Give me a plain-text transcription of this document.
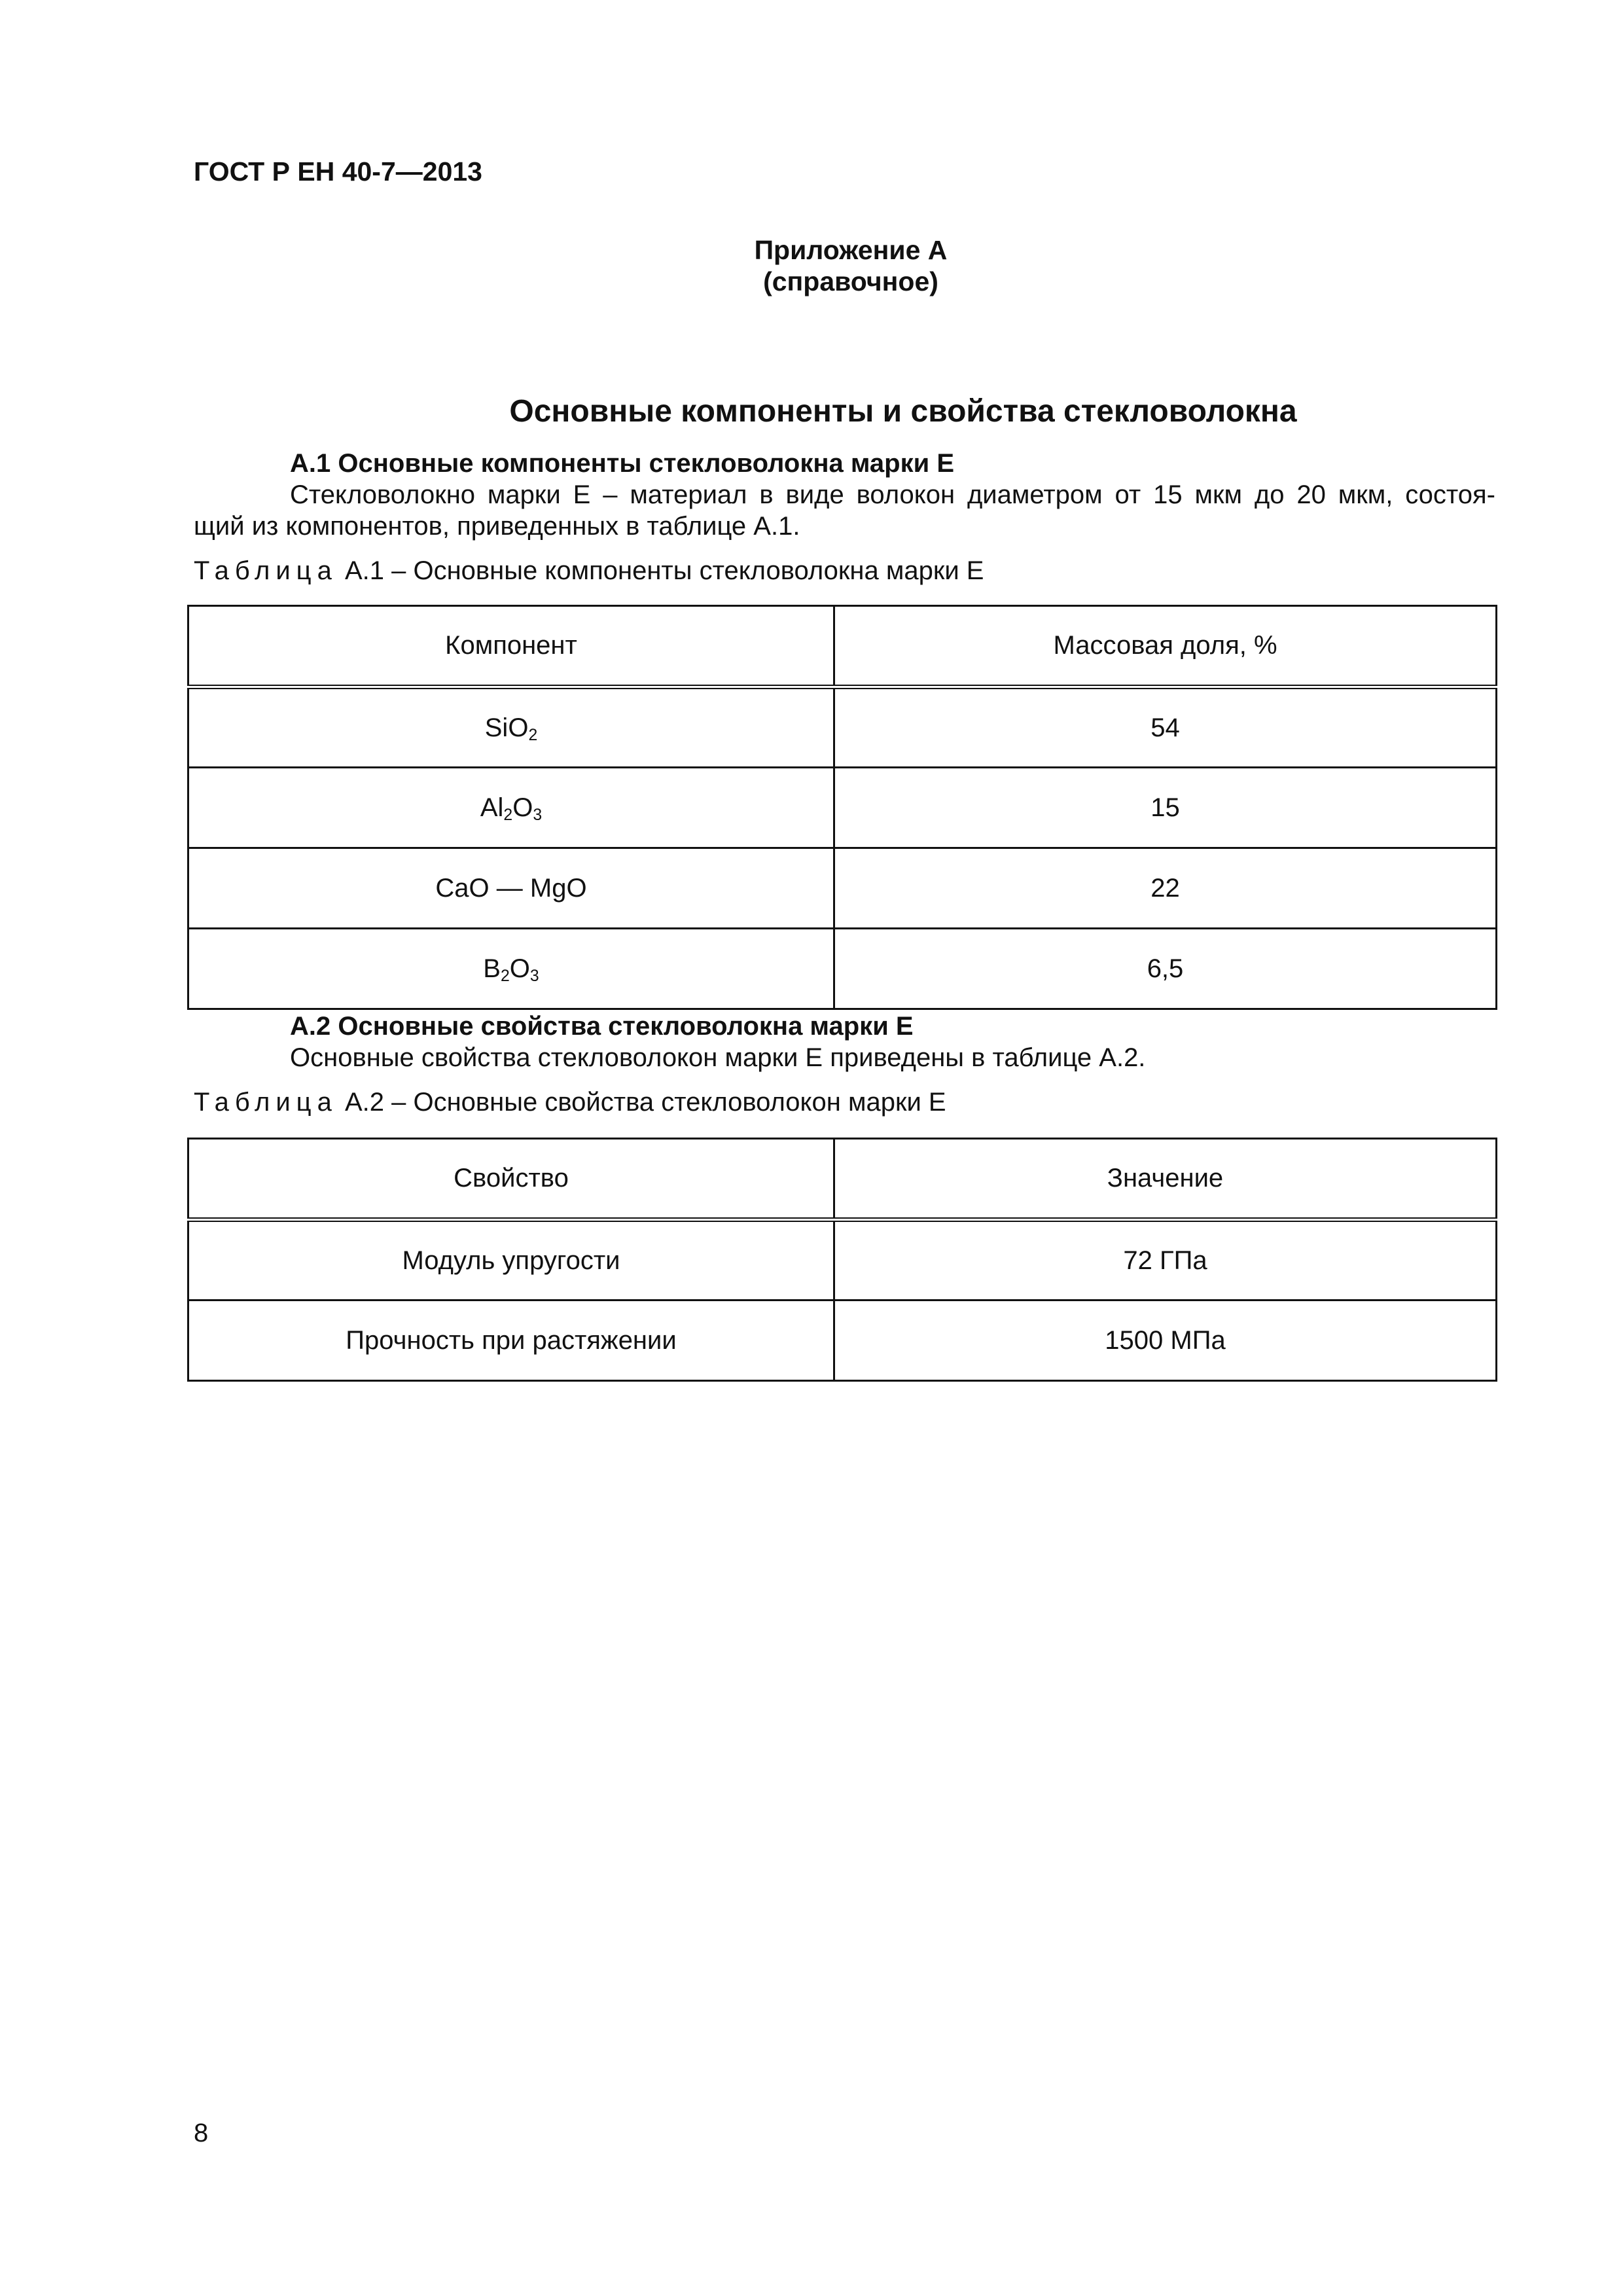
ГОСТ Р ЕН 40-7—2013
Приложение А
(справочное)
Основные компоненты и свойства стекловолокна
А.1 Основные компоненты стекловолокна марки Е
Стекловолокно марки Е – материал в виде волокон диаметром от 15 мкм до 20 мкм, состоя-
щий из компонентов, приведенных в таблице А.1.
Таблица А.1 – Основные компоненты стекловолокна марки Е
Компонент	Массовая доля, %
SiO$_2$	54
$Al_2O_3$	15
CaO — MgO	22
$B_2O_3$	6,5
А.2 Основные свойства стекловолокна марки Е
Основные свойства стекловолокон марки Е приведены в таблице А.2.
Таблица А.2 – Основные свойства стекловолокон марки Е
Свойство	Значение
Модуль упругости	72 ГПа
Прочность при растяжении	1500 МПа
8
